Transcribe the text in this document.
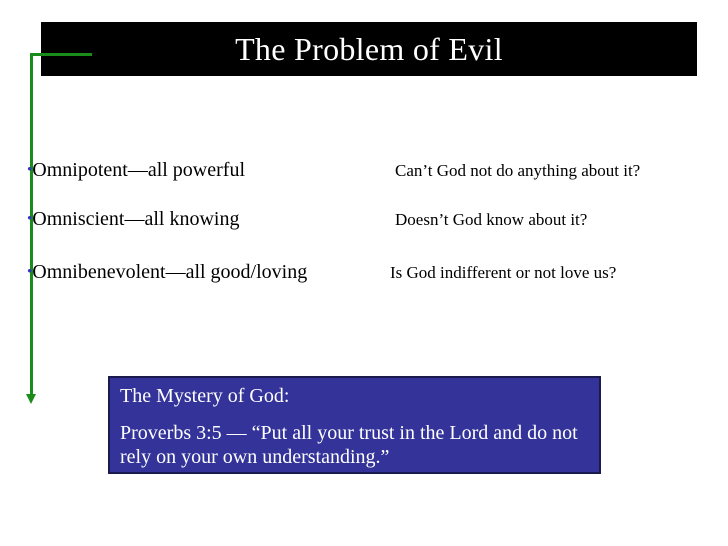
The Problem of Evil
•Omnipotent—all powerful	Can’t God not do anything about it?
•Omniscient—all knowing	Doesn’t God know about it?
•Omnibenevolent—all good/loving	Is God indifferent or not love us?
The Mystery of God:
Proverbs 3:5 — “Put all your trust in the Lord and do not rely on your own understanding.”
